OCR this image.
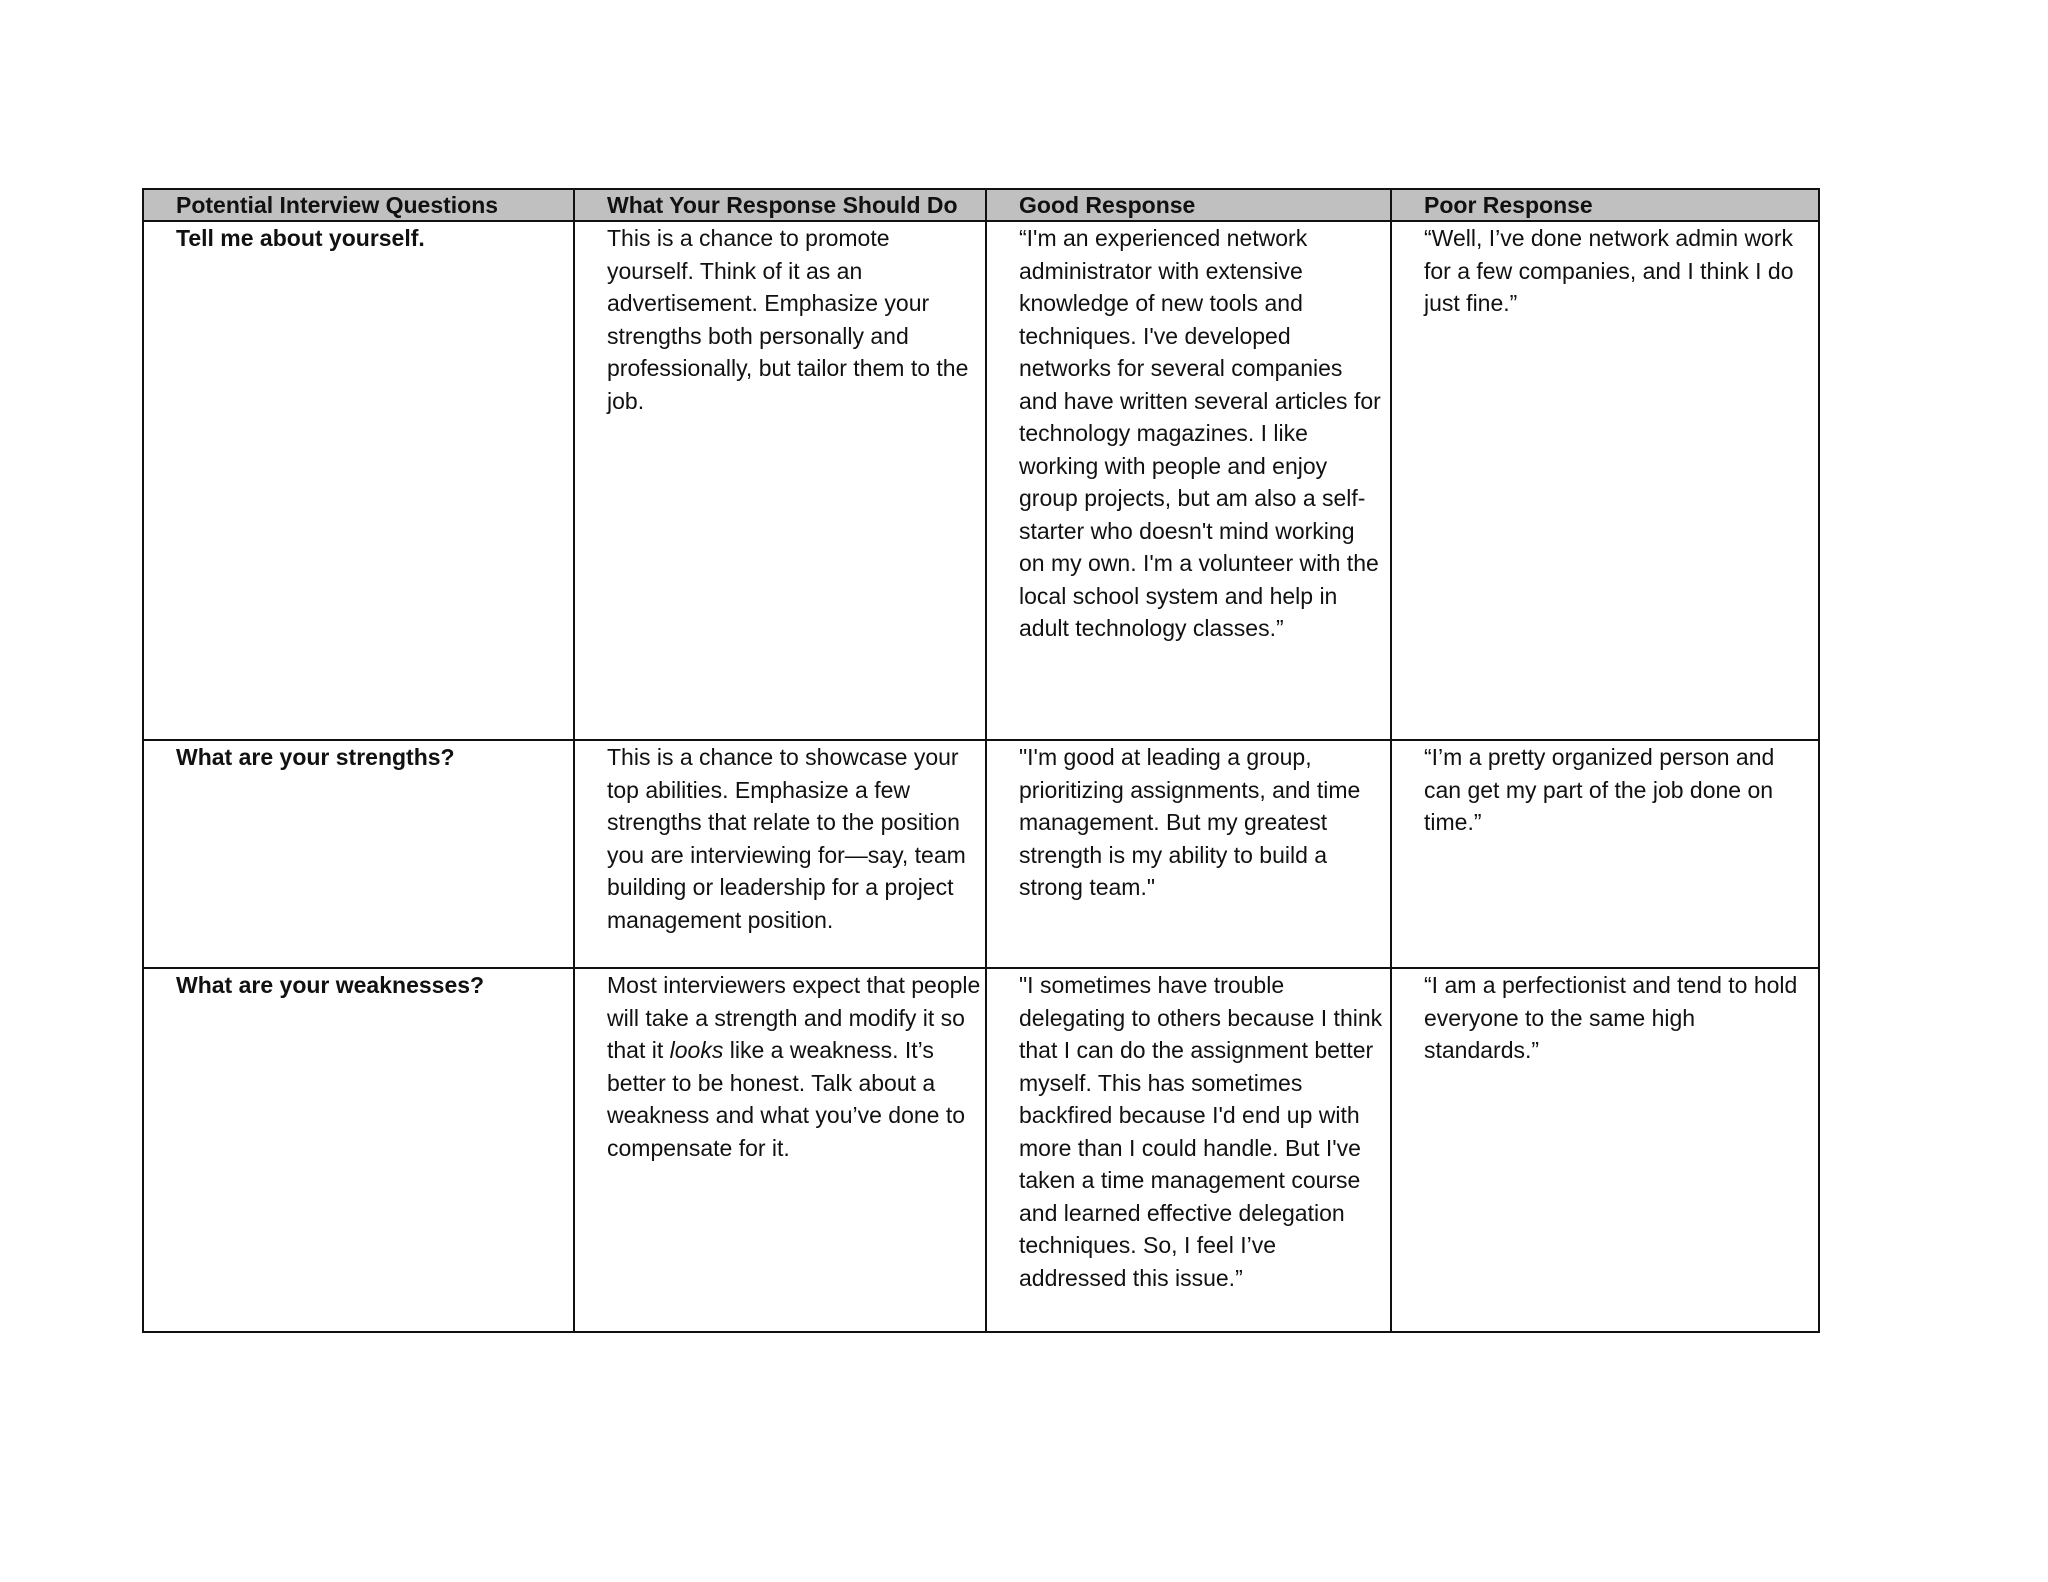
Potential Interview Questions	What Your Response Should Do	Good Response	Poor Response
Tell me about yourself.	This is a chance to promote yourself. Think of it as an advertisement. Emphasize your strengths both personally and professionally, but tailor them to the job.	“I'm an experienced network administrator with extensive knowledge of new tools and techniques. I've developed networks for several companies and have written several articles for technology magazines. I like working with people and enjoy group projects, but am also a self-starter who doesn't mind working on my own. I'm a volunteer with the local school system and help in adult technology classes.”	“Well, I’ve done network admin work for a few companies, and I think I do just fine.”
What are your strengths?	This is a chance to showcase your top abilities. Emphasize a few strengths that relate to the position you are interviewing for—say, team building or leadership for a project management position.	"I'm good at leading a group, prioritizing assignments, and time management. But my greatest strength is my ability to build a strong team."	“I’m a pretty organized person and can get my part of the job done on time.”
What are your weaknesses?	Most interviewers expect that people will take a strength and modify it so that it looks like a weakness. It’s better to be honest. Talk about a weakness and what you’ve done to compensate for it.	"I sometimes have trouble delegating to others because I think that I can do the assignment better myself. This has sometimes backfired because I'd end up with more than I could handle. But I've taken a time management course and learned effective delegation techniques. So, I feel I’ve addressed this issue.”	“I am a perfectionist and tend to hold everyone to the same high standards.”
